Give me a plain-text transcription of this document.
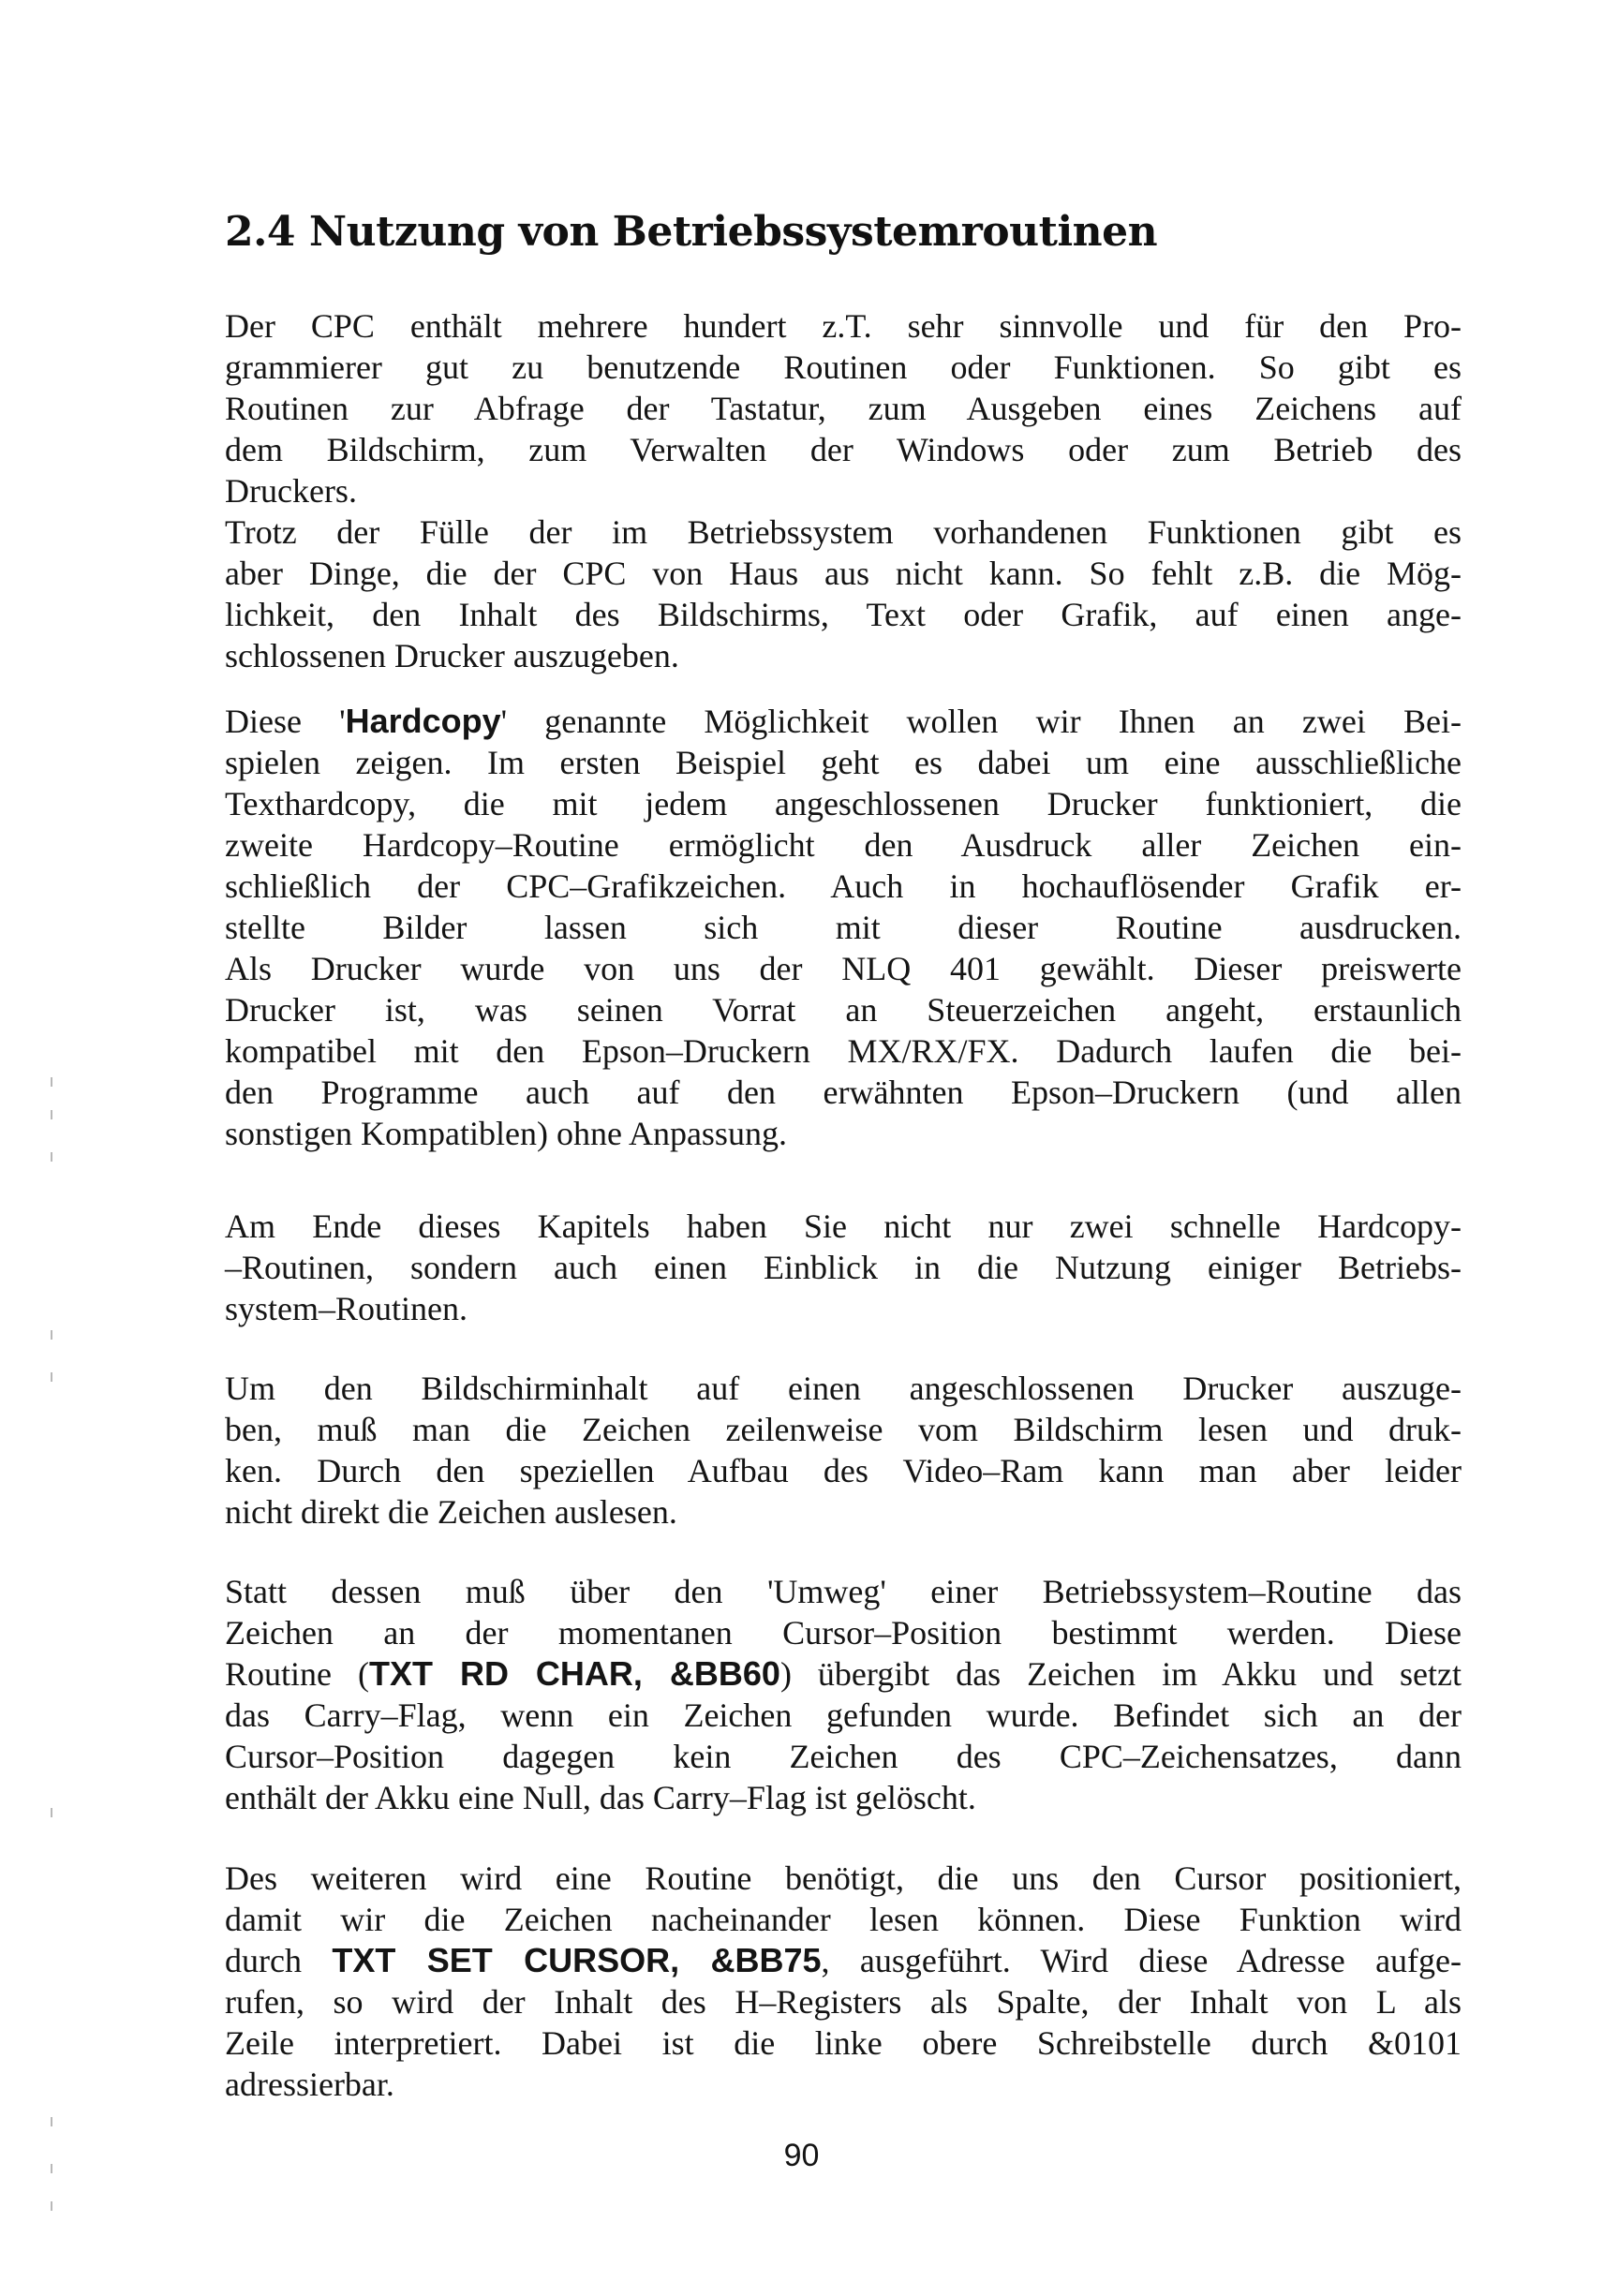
2.4 Nutzung von Betriebssystemroutinen
Der CPC enthält mehrere hundert z.T. sehr sinnvolle und für den Pro-
grammierer gut zu benutzende Routinen oder Funktionen. So gibt es
Routinen zur Abfrage der Tastatur, zum Ausgeben eines Zeichens auf
dem Bildschirm, zum Verwalten der Windows oder zum Betrieb des
Druckers.
Trotz der Fülle der im Betriebssystem vorhandenen Funktionen gibt es
aber Dinge, die der CPC von Haus aus nicht kann. So fehlt z.B. die Mög-
lichkeit, den Inhalt des Bildschirms, Text oder Grafik, auf einen ange-
schlossenen Drucker auszugeben.
Diese 'Hardcopy' genannte Möglichkeit wollen wir Ihnen an zwei Bei-
spielen zeigen. Im ersten Beispiel geht es dabei um eine ausschließliche
Texthardcopy, die mit jedem angeschlossenen Drucker funktioniert, die
zweite Hardcopy–Routine ermöglicht den Ausdruck aller Zeichen ein-
schließlich der CPC–Grafikzeichen. Auch in hochauflösender Grafik er-
stellte Bilder lassen sich mit dieser Routine ausdrucken.
Als Drucker wurde von uns der NLQ 401 gewählt. Dieser preiswerte
Drucker ist, was seinen Vorrat an Steuerzeichen angeht, erstaunlich
kompatibel mit den Epson–Druckern MX/RX/FX. Dadurch laufen die bei-
den Programme auch auf den erwähnten Epson–Druckern (und allen
sonstigen Kompatiblen) ohne Anpassung.
Am Ende dieses Kapitels haben Sie nicht nur zwei schnelle Hardcopy-
–Routinen, sondern auch einen Einblick in die Nutzung einiger Betriebs-
system–Routinen.
Um den Bildschirminhalt auf einen angeschlossenen Drucker auszuge-
ben, muß man die Zeichen zeilenweise vom Bildschirm lesen und druk-
ken. Durch den speziellen Aufbau des Video–Ram kann man aber leider
nicht direkt die Zeichen auslesen.
Statt dessen muß über den 'Umweg' einer Betriebssystem–Routine das
Zeichen an der momentanen Cursor–Position bestimmt werden. Diese
Routine (TXT RD CHAR, &BB60) übergibt das Zeichen im Akku und setzt
das Carry–Flag, wenn ein Zeichen gefunden wurde. Befindet sich an der
Cursor–Position dagegen kein Zeichen des CPC–Zeichensatzes, dann
enthält der Akku eine Null, das Carry–Flag ist gelöscht.
Des weiteren wird eine Routine benötigt, die uns den Cursor positioniert,
damit wir die Zeichen nacheinander lesen können. Diese Funktion wird
durch TXT SET CURSOR, &BB75, ausgeführt. Wird diese Adresse aufge-
rufen, so wird der Inhalt des H–Registers als Spalte, der Inhalt von L als
Zeile interpretiert. Dabei ist die linke obere Schreibstelle durch &0101
adressierbar.
90
